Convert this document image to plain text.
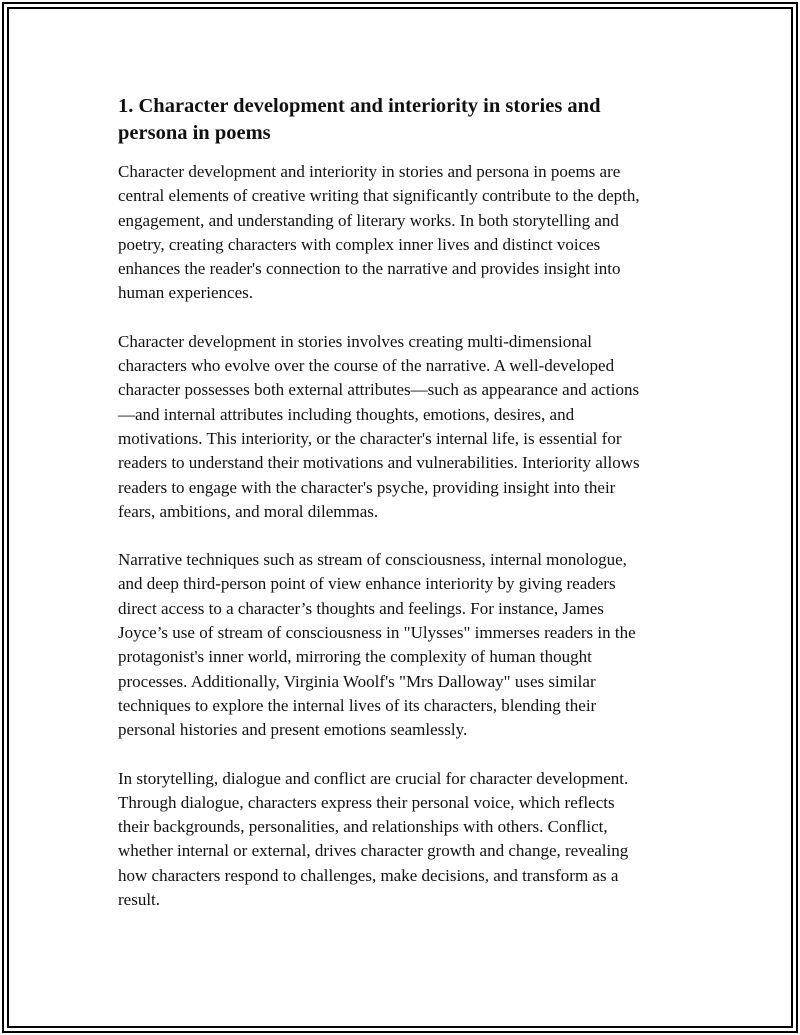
1. Character development and interiority in stories and
persona in poems

Character development and interiority in stories and persona in poems are
central elements of creative writing that significantly contribute to the depth,
engagement, and understanding of literary works. In both storytelling and
poetry, creating characters with complex inner lives and distinct voices
enhances the reader's connection to the narrative and provides insight into
human experiences.

Character development in stories involves creating multi-dimensional
characters who evolve over the course of the narrative. A well-developed
character possesses both external attributes—such as appearance and actions
—and internal attributes including thoughts, emotions, desires, and
motivations. This interiority, or the character's internal life, is essential for
readers to understand their motivations and vulnerabilities. Interiority allows
readers to engage with the character's psyche, providing insight into their
fears, ambitions, and moral dilemmas.

Narrative techniques such as stream of consciousness, internal monologue,
and deep third-person point of view enhance interiority by giving readers
direct access to a character’s thoughts and feelings. For instance, James
Joyce’s use of stream of consciousness in "Ulysses" immerses readers in the
protagonist's inner world, mirroring the complexity of human thought
processes. Additionally, Virginia Woolf's "Mrs Dalloway" uses similar
techniques to explore the internal lives of its characters, blending their
personal histories and present emotions seamlessly.

In storytelling, dialogue and conflict are crucial for character development.
Through dialogue, characters express their personal voice, which reflects
their backgrounds, personalities, and relationships with others. Conflict,
whether internal or external, drives character growth and change, revealing
how characters respond to challenges, make decisions, and transform as a
result.
